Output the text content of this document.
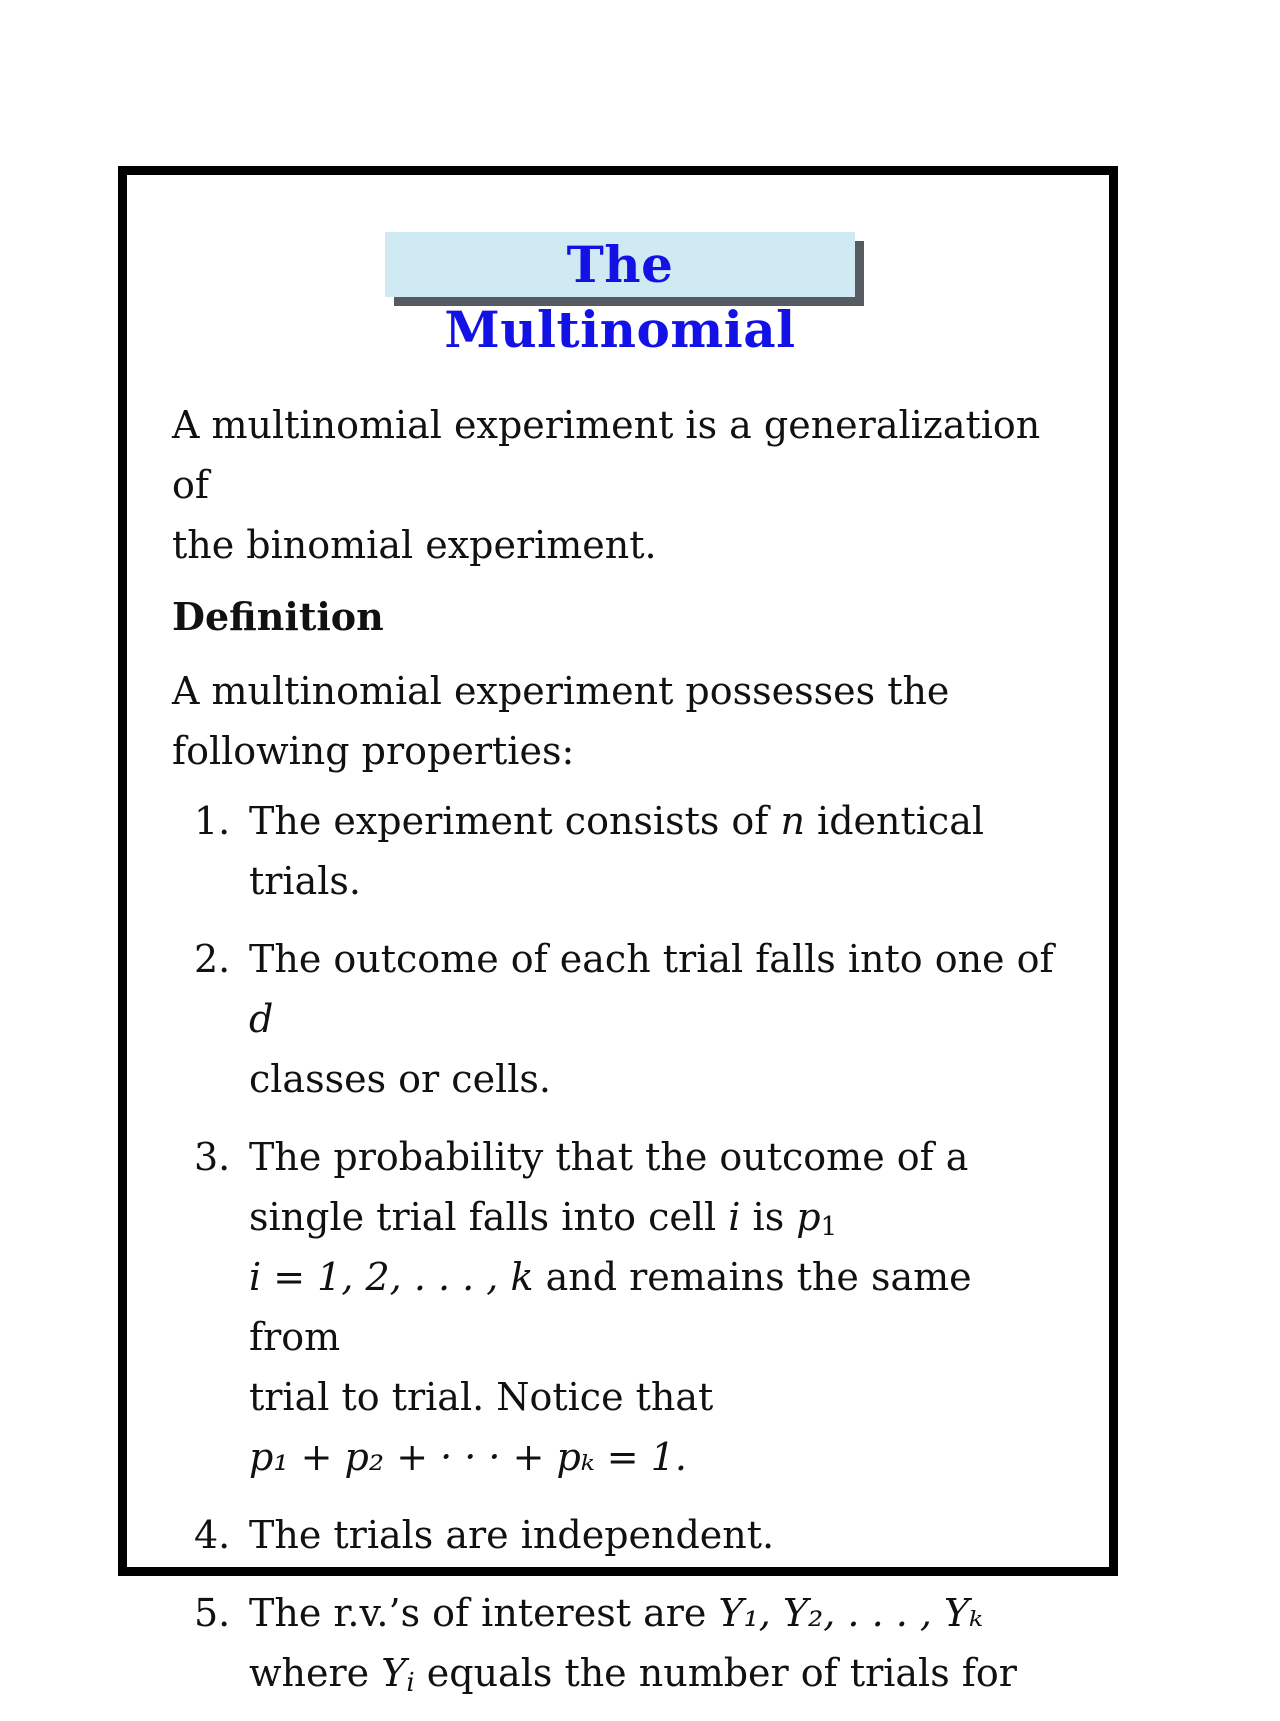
The Multinomial

A multinomial experiment is a generalization of
the binomial experiment.

Definition

A multinomial experiment possesses the
following properties:

1. The experiment consists of n identical
trials.
2. The outcome of each trial falls into one of d
classes or cells.
3. The probability that the outcome of a
single trial falls into cell i is $p_1$
i = 1, 2, . . . , k and remains the same from
trial to trial. Notice that
p₁ + p₂ + · · · + pₖ = 1.
4. The trials are independent.
5. The r.v.’s of interest are Y₁, Y₂, . . . , Yₖ
where $Y_i$ equals the number of trials for
